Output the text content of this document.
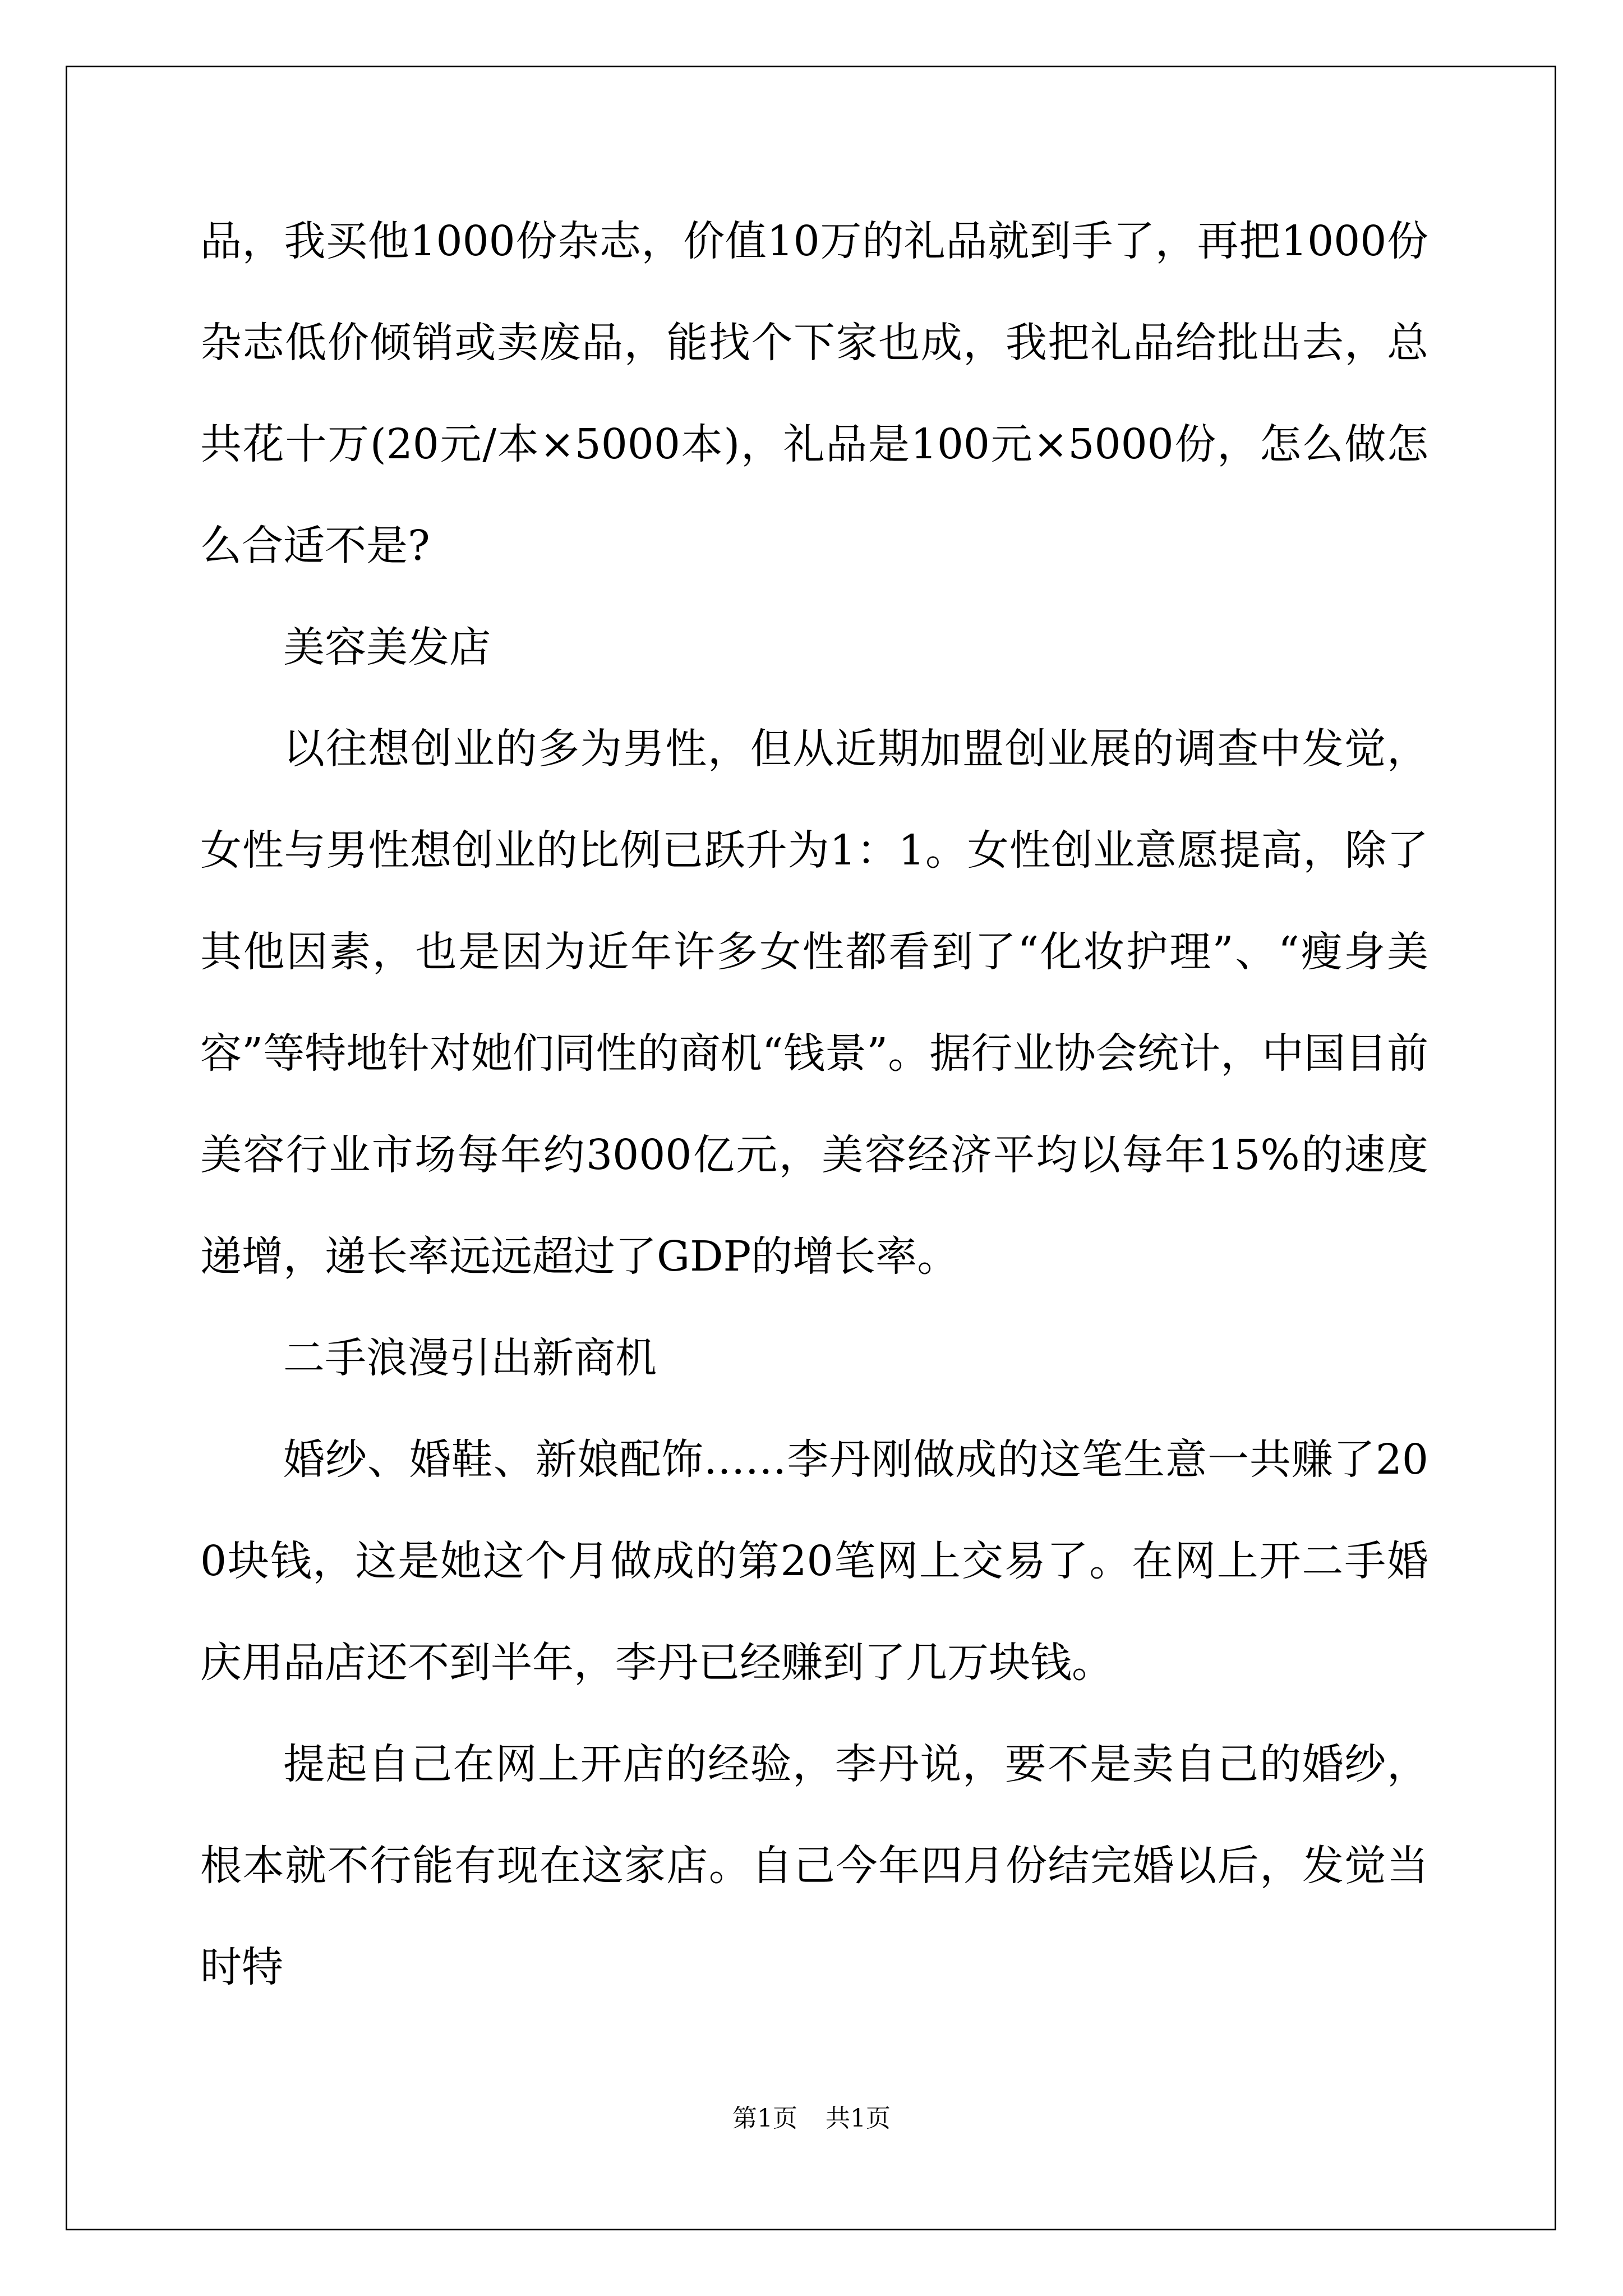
品，我买他1000份杂志，价值10万的礼品就到手了，再把1000份杂志低价倾销或卖废品，能找个下家也成，我把礼品给批出去，总共花十万(20元/本×5000本)，礼品是100元×5000份，怎么做怎么合适不是?

美容美发店

以往想创业的多为男性，但从近期加盟创业展的调查中发觉，女性与男性想创业的比例已跃升为1：1。女性创业意愿提高，除了其他因素，也是因为近年许多女性都看到了“化妆护理”、“瘦身美容”等特地针对她们同性的商机“钱景”。据行业协会统计，中国目前美容行业市场每年约3000亿元，美容经济平均以每年15%的速度递增，递长率远远超过了GDP的增长率。

二手浪漫引出新商机

婚纱、婚鞋、新娘配饰……李丹刚做成的这笔生意一共赚了200块钱，这是她这个月做成的第20笔网上交易了。在网上开二手婚庆用品店还不到半年，李丹已经赚到了几万块钱。

提起自己在网上开店的经验，李丹说，要不是卖自己的婚纱，根本就不行能有现在这家店。自己今年四月份结完婚以后，发觉当时特

第1页 共1页
